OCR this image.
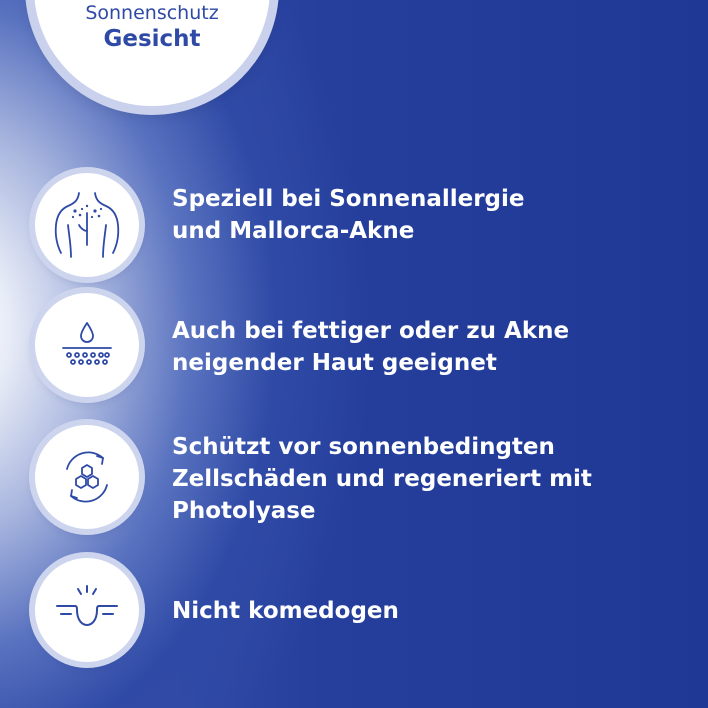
Sonnenschutz
Gesicht
Speziell bei Sonnenallergie
und Mallorca-Akne
Auch bei fettiger oder zu Akne
neigender Haut geeignet
Schützt vor sonnenbedingten
Zellschäden und regeneriert mit
Photolyase
Nicht komedogen
